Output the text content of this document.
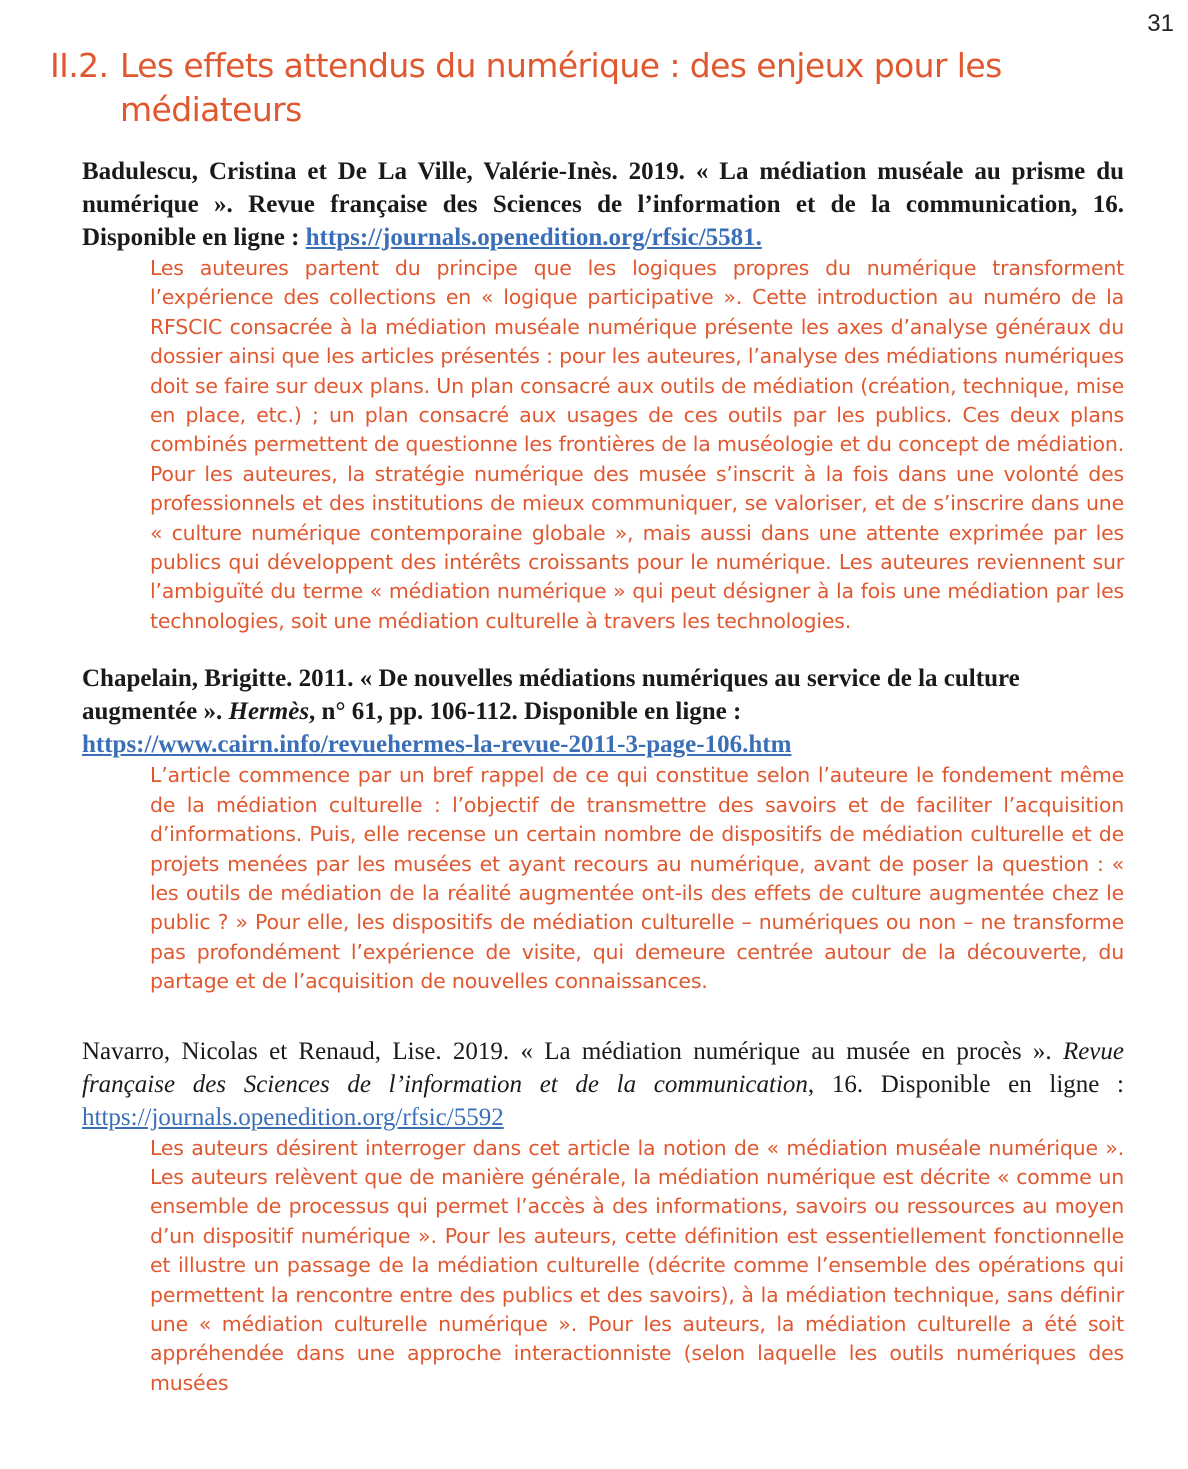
31
II.2. Les effets attendus du numérique : des enjeux pour les
médiateurs

Badulescu, Cristina et De La Ville, Valérie-Inès. 2019. « La médiation muséale au prisme du numérique ». Revue française des Sciences de l’information et de la communication, 16. Disponible en ligne : https://journals.openedition.org/rfsic/5581.

Les auteures partent du principe que les logiques propres du numérique transforment l’expérience des collections en « logique participative ». Cette introduction au numéro de la RFSCIC consacrée à la médiation muséale numérique présente les axes d’analyse généraux du dossier ainsi que les articles présentés : pour les auteures, l’analyse des médiations numériques doit se faire sur deux plans. Un plan consacré aux outils de médiation (création, technique, mise en place, etc.) ; un plan consacré aux usages de ces outils par les publics. Ces deux plans combinés permettent de questionne les frontières de la muséologie et du concept de médiation. Pour les auteures, la stratégie numérique des musée s’inscrit à la fois dans une volonté des professionnels et des institutions de mieux communiquer, se valoriser, et de s’inscrire dans une « culture numérique contemporaine globale », mais aussi dans une attente exprimée par les publics qui développent des intérêts croissants pour le numérique. Les auteures reviennent sur l’ambiguïté du terme « médiation numérique » qui peut désigner à la fois une médiation par les technologies, soit une médiation culturelle à travers les technologies.

Chapelain, Brigitte. 2011. « De nouvelles médiations numériques au service de la culture augmentée ». Hermès, n° 61, pp. 106-112. Disponible en ligne :
https://www.cairn.info/revuehermes-la-revue-2011-3-page-106.htm

L’article commence par un bref rappel de ce qui constitue selon l’auteure le fondement même de la médiation culturelle : l’objectif de transmettre des savoirs et de faciliter l’acquisition d’informations. Puis, elle recense un certain nombre de dispositifs de médiation culturelle et de projets menées par les musées et ayant recours au numérique, avant de poser la question : « les outils de médiation de la réalité augmentée ont-ils des effets de culture augmentée chez le public ? » Pour elle, les dispositifs de médiation culturelle – numériques ou non – ne transforme pas profondément l’expérience de visite, qui demeure centrée autour de la découverte, du partage et de l’acquisition de nouvelles connaissances.

Navarro, Nicolas et Renaud, Lise. 2019. « La médiation numérique au musée en procès ». Revue française des Sciences de l’information et de la communication, 16. Disponible en ligne : https://journals.openedition.org/rfsic/5592

Les auteurs désirent interroger dans cet article la notion de « médiation muséale numérique ». Les auteurs relèvent que de manière générale, la médiation numérique est décrite « comme un ensemble de processus qui permet l’accès à des informations, savoirs ou ressources au moyen d’un dispositif numérique ». Pour les auteurs, cette définition est essentiellement fonctionnelle et illustre un passage de la médiation culturelle (décrite comme l’ensemble des opérations qui permettent la rencontre entre des publics et des savoirs), à la médiation technique, sans définir une « médiation culturelle numérique ». Pour les auteurs, la médiation culturelle a été soit appréhendée dans une approche interactionniste (selon laquelle les outils numériques des musées
